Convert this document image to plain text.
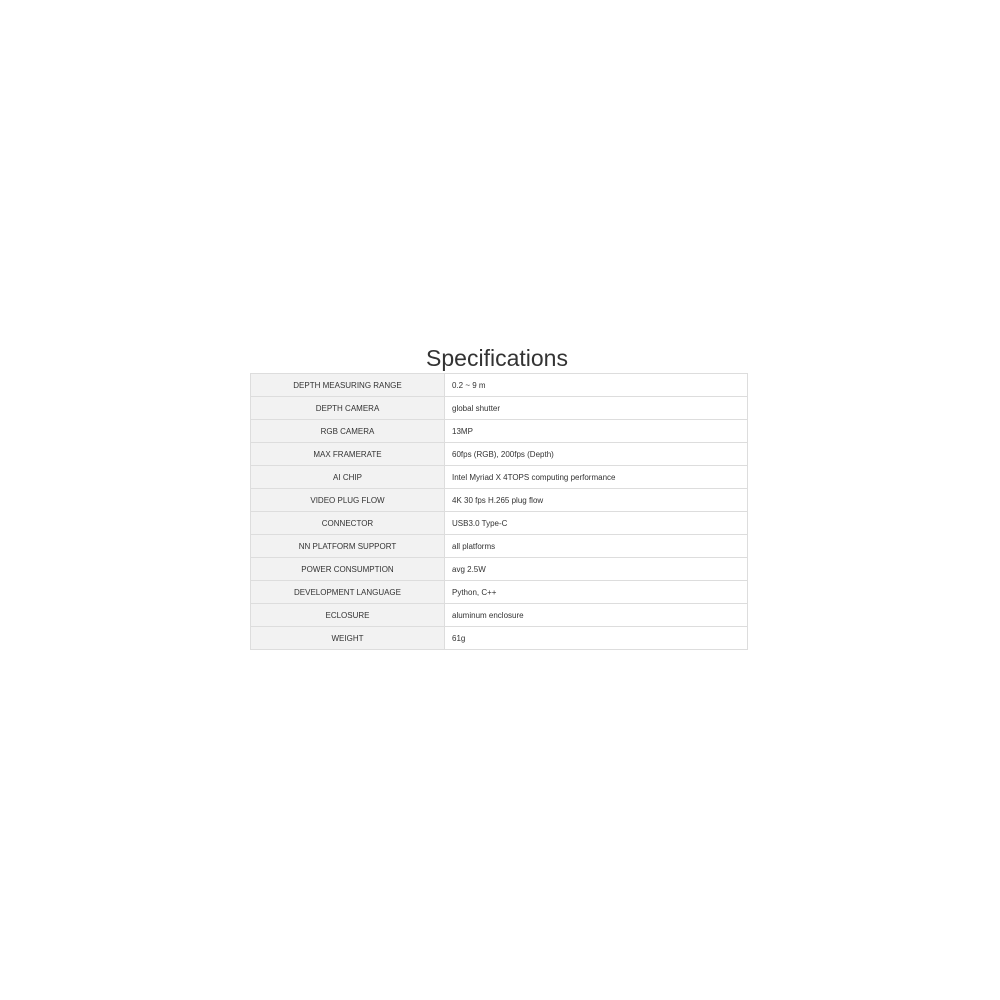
Specifications
DEPTH MEASURING RANGE	0.2 ~ 9 m
DEPTH CAMERA	global shutter
RGB CAMERA	13MP
MAX FRAMERATE	60fps (RGB), 200fps (Depth)
AI CHIP	Intel Myriad X 4TOPS computing performance
VIDEO PLUG FLOW	4K 30 fps H.265 plug flow
CONNECTOR	USB3.0 Type-C
NN PLATFORM SUPPORT	all platforms
POWER CONSUMPTION	avg 2.5W
DEVELOPMENT LANGUAGE	Python, C++
ECLOSURE	aluminum enclosure
WEIGHT	61g
